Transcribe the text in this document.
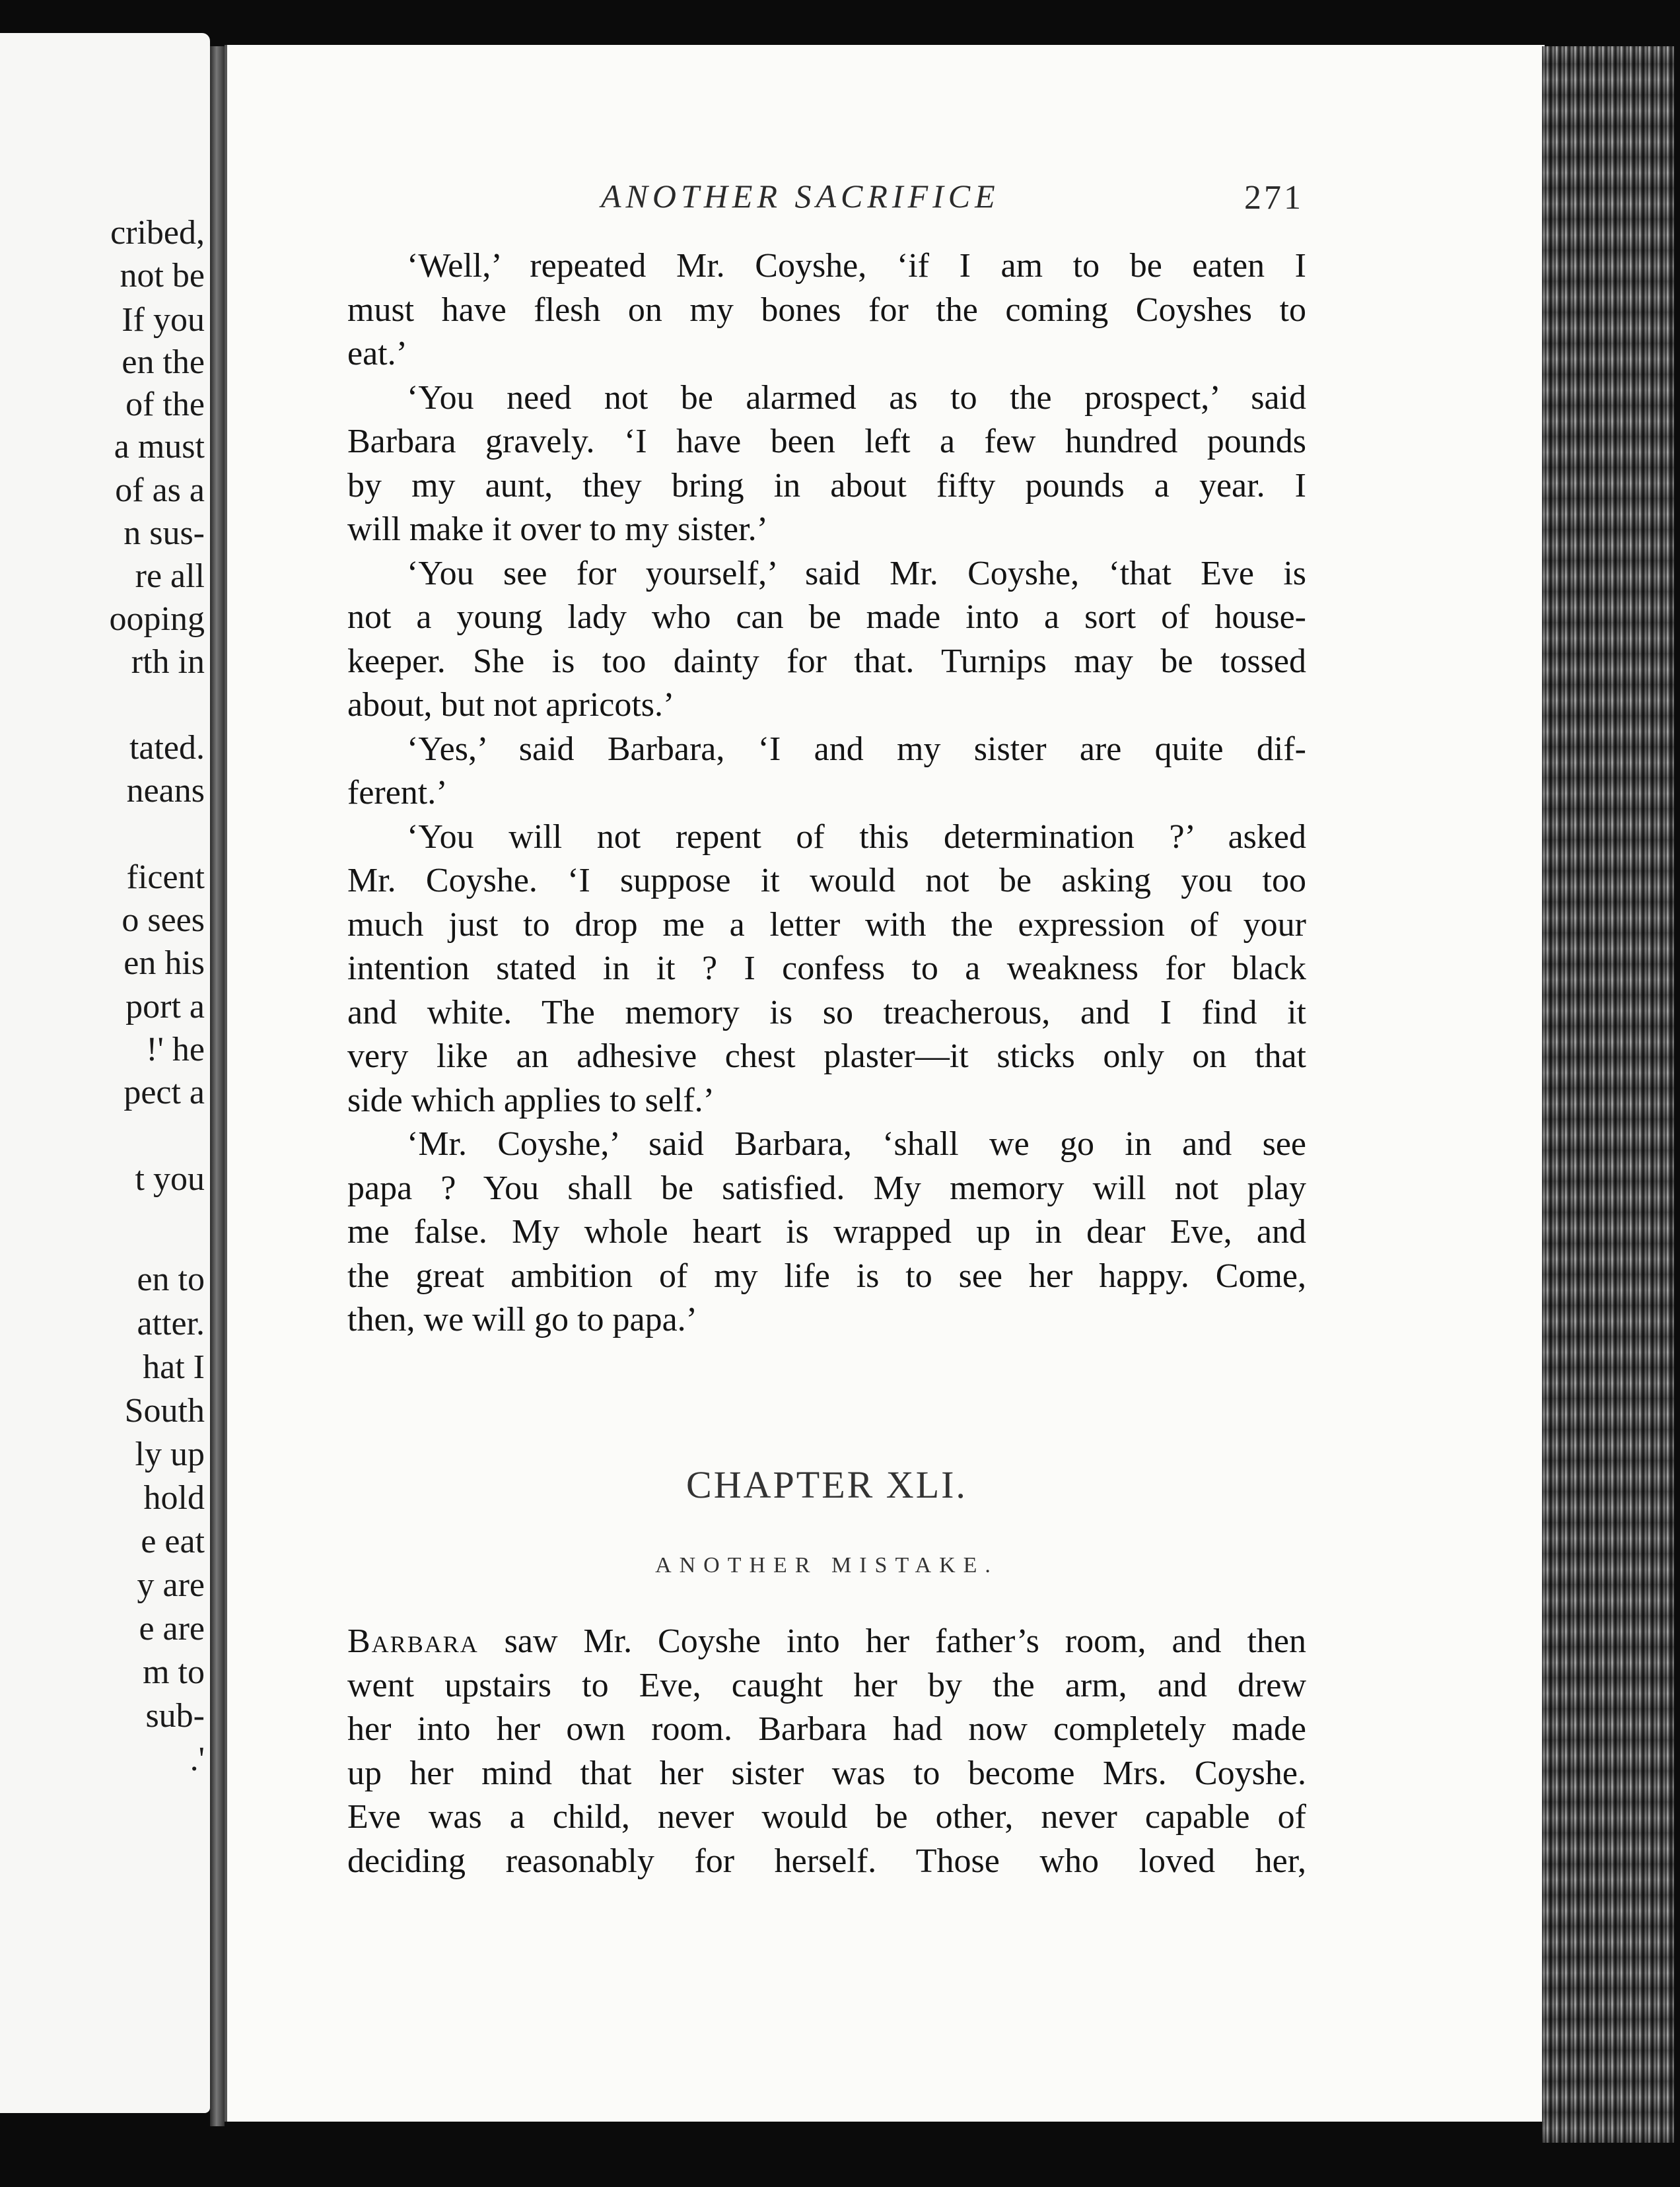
cribed,
not be
If you
en the
of the
a must
of as a
n sus-
re all
ooping
rth in
tated.
neans
ficent
o sees
en his
port a
!' he
pect a
t you
en to
atter.
hat I
South
ly up
hold
e eat
y are
e are
m to
sub-
.'
ANOTHER SACRIFICE	271
‘Well,’ repeated Mr. Coyshe, ‘if I am to be eaten I
must have flesh on my bones for the coming Coyshes to
eat.’
‘You need not be alarmed as to the prospect,’ said
Barbara gravely. ‘I have been left a few hundred pounds
by my aunt, they bring in about fifty pounds a year. I
will make it over to my sister.’
‘You see for yourself,’ said Mr. Coyshe, ‘that Eve is
not a young lady who can be made into a sort of house-
keeper. She is too dainty for that. Turnips may be tossed
about, but not apricots.’
‘Yes,’ said Barbara, ‘I and my sister are quite dif-
ferent.’
‘You will not repent of this determination ?’ asked
Mr. Coyshe. ‘I suppose it would not be asking you too
much just to drop me a letter with the expression of your
intention stated in it ? I confess to a weakness for black
and white. The memory is so treacherous, and I find it
very like an adhesive chest plaster—it sticks only on that
side which applies to self.’
‘Mr. Coyshe,’ said Barbara, ‘shall we go in and see
papa ? You shall be satisfied. My memory will not play
me false. My whole heart is wrapped up in dear Eve, and
the great ambition of my life is to see her happy. Come,
then, we will go to papa.’
CHAPTER XLI.
ANOTHER MISTAKE.
Barbara saw Mr. Coyshe into her father’s room, and then
went upstairs to Eve, caught her by the arm, and drew
her into her own room. Barbara had now completely made
up her mind that her sister was to become Mrs. Coyshe.
Eve was a child, never would be other, never capable of
deciding reasonably for herself. Those who loved her,
